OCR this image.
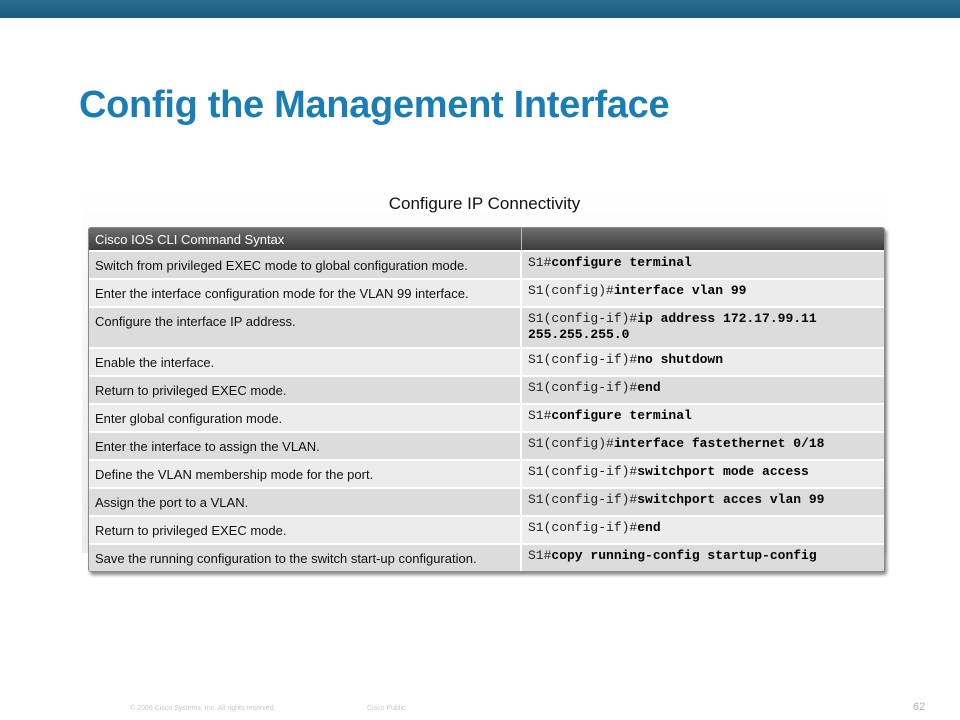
Config the Management Interface
Configure IP Connectivity
Cisco IOS CLI Command Syntax	
Switch from privileged EXEC mode to global configuration mode.	S1#configure terminal
Enter the interface configuration mode for the VLAN 99 interface.	S1(config)#interface vlan 99
Configure the interface IP address.	S1(config-if)#ip address 172.17.99.11 255.255.255.0
Enable the interface.	S1(config-if)#no shutdown
Return to privileged EXEC mode.	S1(config-if)#end
Enter global configuration mode.	S1#configure terminal
Enter the interface to assign the VLAN.	S1(config)#interface fastethernet 0/18
Define the VLAN membership mode for the port.	S1(config-if)#switchport mode access
Assign the port to a VLAN.	S1(config-if)#switchport acces vlan 99
Return to privileged EXEC mode.	S1(config-if)#end
Save the running configuration to the switch start-up configuration.	S1#copy running-config startup-config
© 2006 Cisco Systems, Inc. All rights reserved.	Cisco Public	62
